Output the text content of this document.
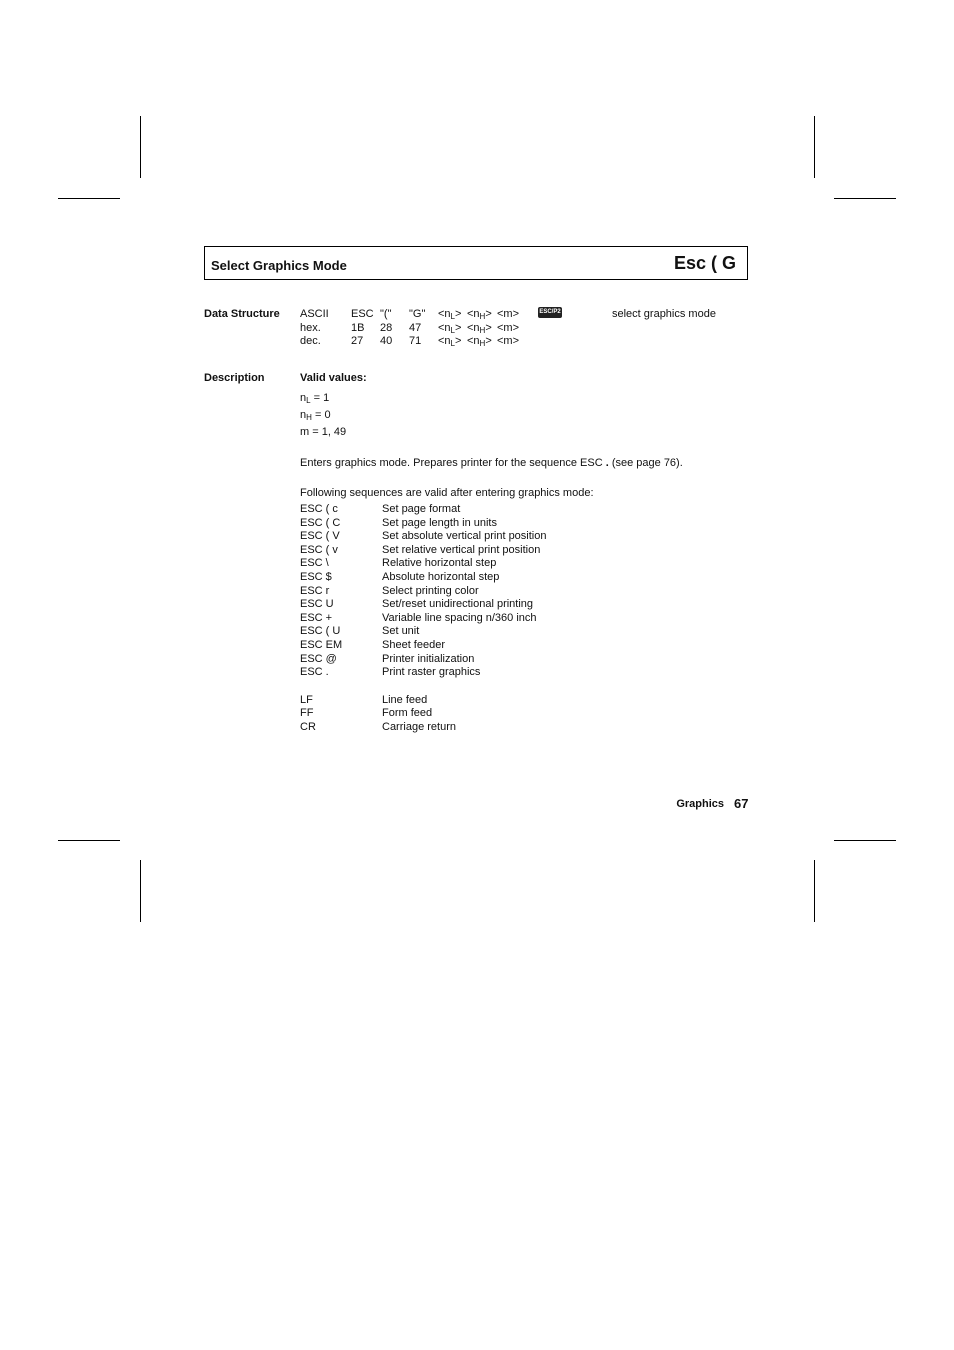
Select Graphics Mode	Esc ( G
Data Structure ASCII ESC "(" "G" $<n_L> <n_H> <m>$	select graphics mode
ESC/P2
hex.	1B 28 $47 <n_L> <n_H> <m>$
dec.	27 40 $71 <n_L> <n_H> <m>$
Description	Valid values:
$n_L = 1$
$n_H = 0$
m = 1, 49
Enters graphics mode. Prepares printer for the sequence ESC . (see page 76).
Following sequences are valid after entering graphics mode:
ESC ( c	Set page format
ESC ( C	Set page length in units
ESC ( V	Set absolute vertical print position
ESC ( v	Set relative vertical print position
ESC \	Relative horizontal step
ESC $	Absolute horizontal step
ESC r	Select printing color
ESC U	Set/reset unidirectional printing
ESC +	Variable line spacing n/360 inch
ESC ( U	Set unit
ESC EM	Sheet feeder
ESC @	Printer initialization
ESC .	Print raster graphics
LF	Line feed
FF	Form feed
CR	Carriage return
Graphics 67
